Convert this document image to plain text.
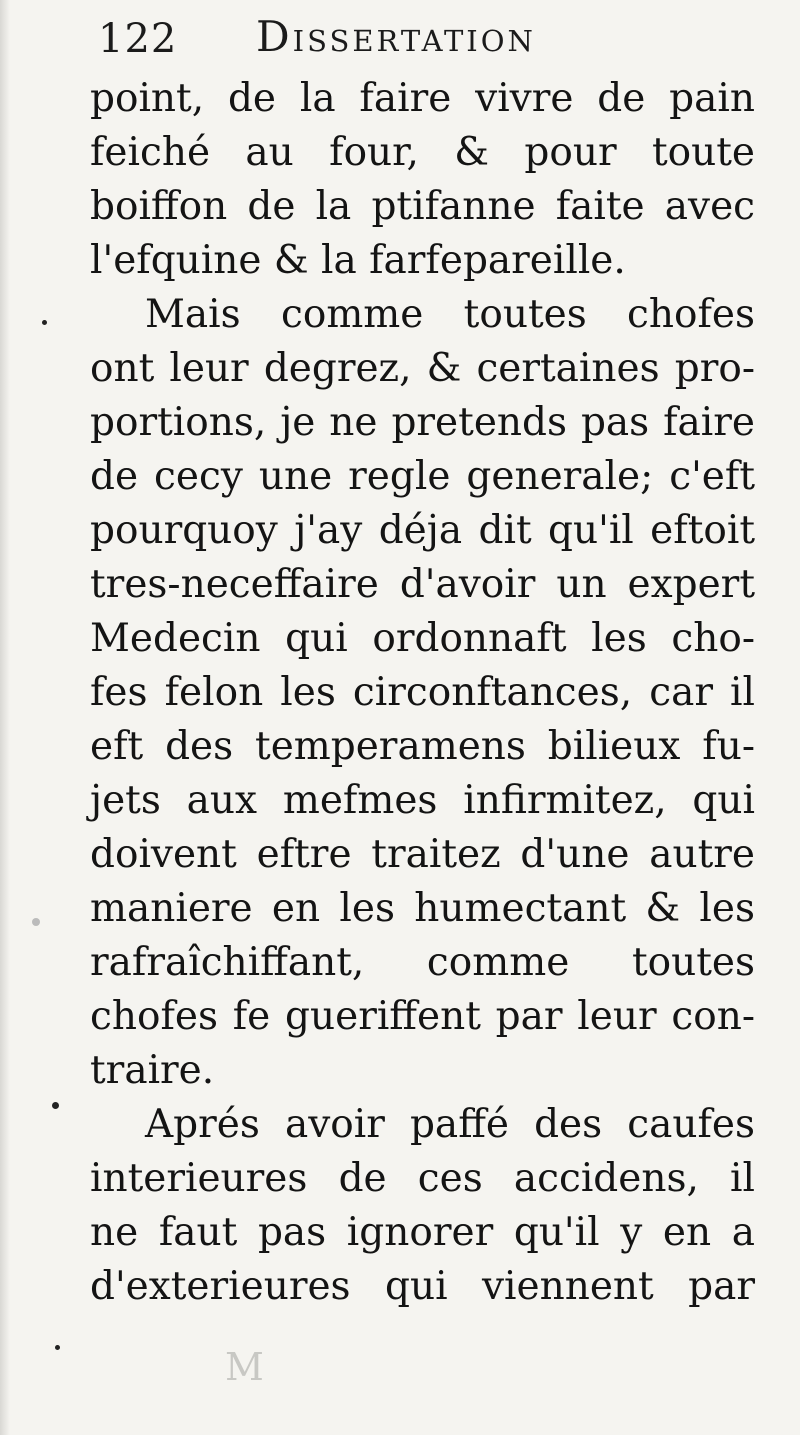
122 Dissertation
point, de la faire vivre de pain
feiché au four, & pour toute
boiffon de la ptifanne faite avec
l'efquine & la farfepareille.
Mais comme toutes chofes
ont leur degrez, & certaines pro-
portions, je ne pretends pas faire
de cecy une regle generale; c'eft
pourquoy j'ay déja dit qu'il eftoit
tres-neceffaire d'avoir un expert
Medecin qui ordonnaft les cho-
fes felon les circonftances, car il
eft des temperamens bilieux fu-
jets aux mefmes infirmitez, qui
doivent eftre traitez d'une autre
maniere en les humectant & les
rafraîchiffant, comme toutes
chofes fe gueriffent par leur con-
traire.
Aprés avoir paffé des caufes
interieures de ces accidens, il
ne faut pas ignorer qu'il y en a
d'exterieures qui viennent par
M
